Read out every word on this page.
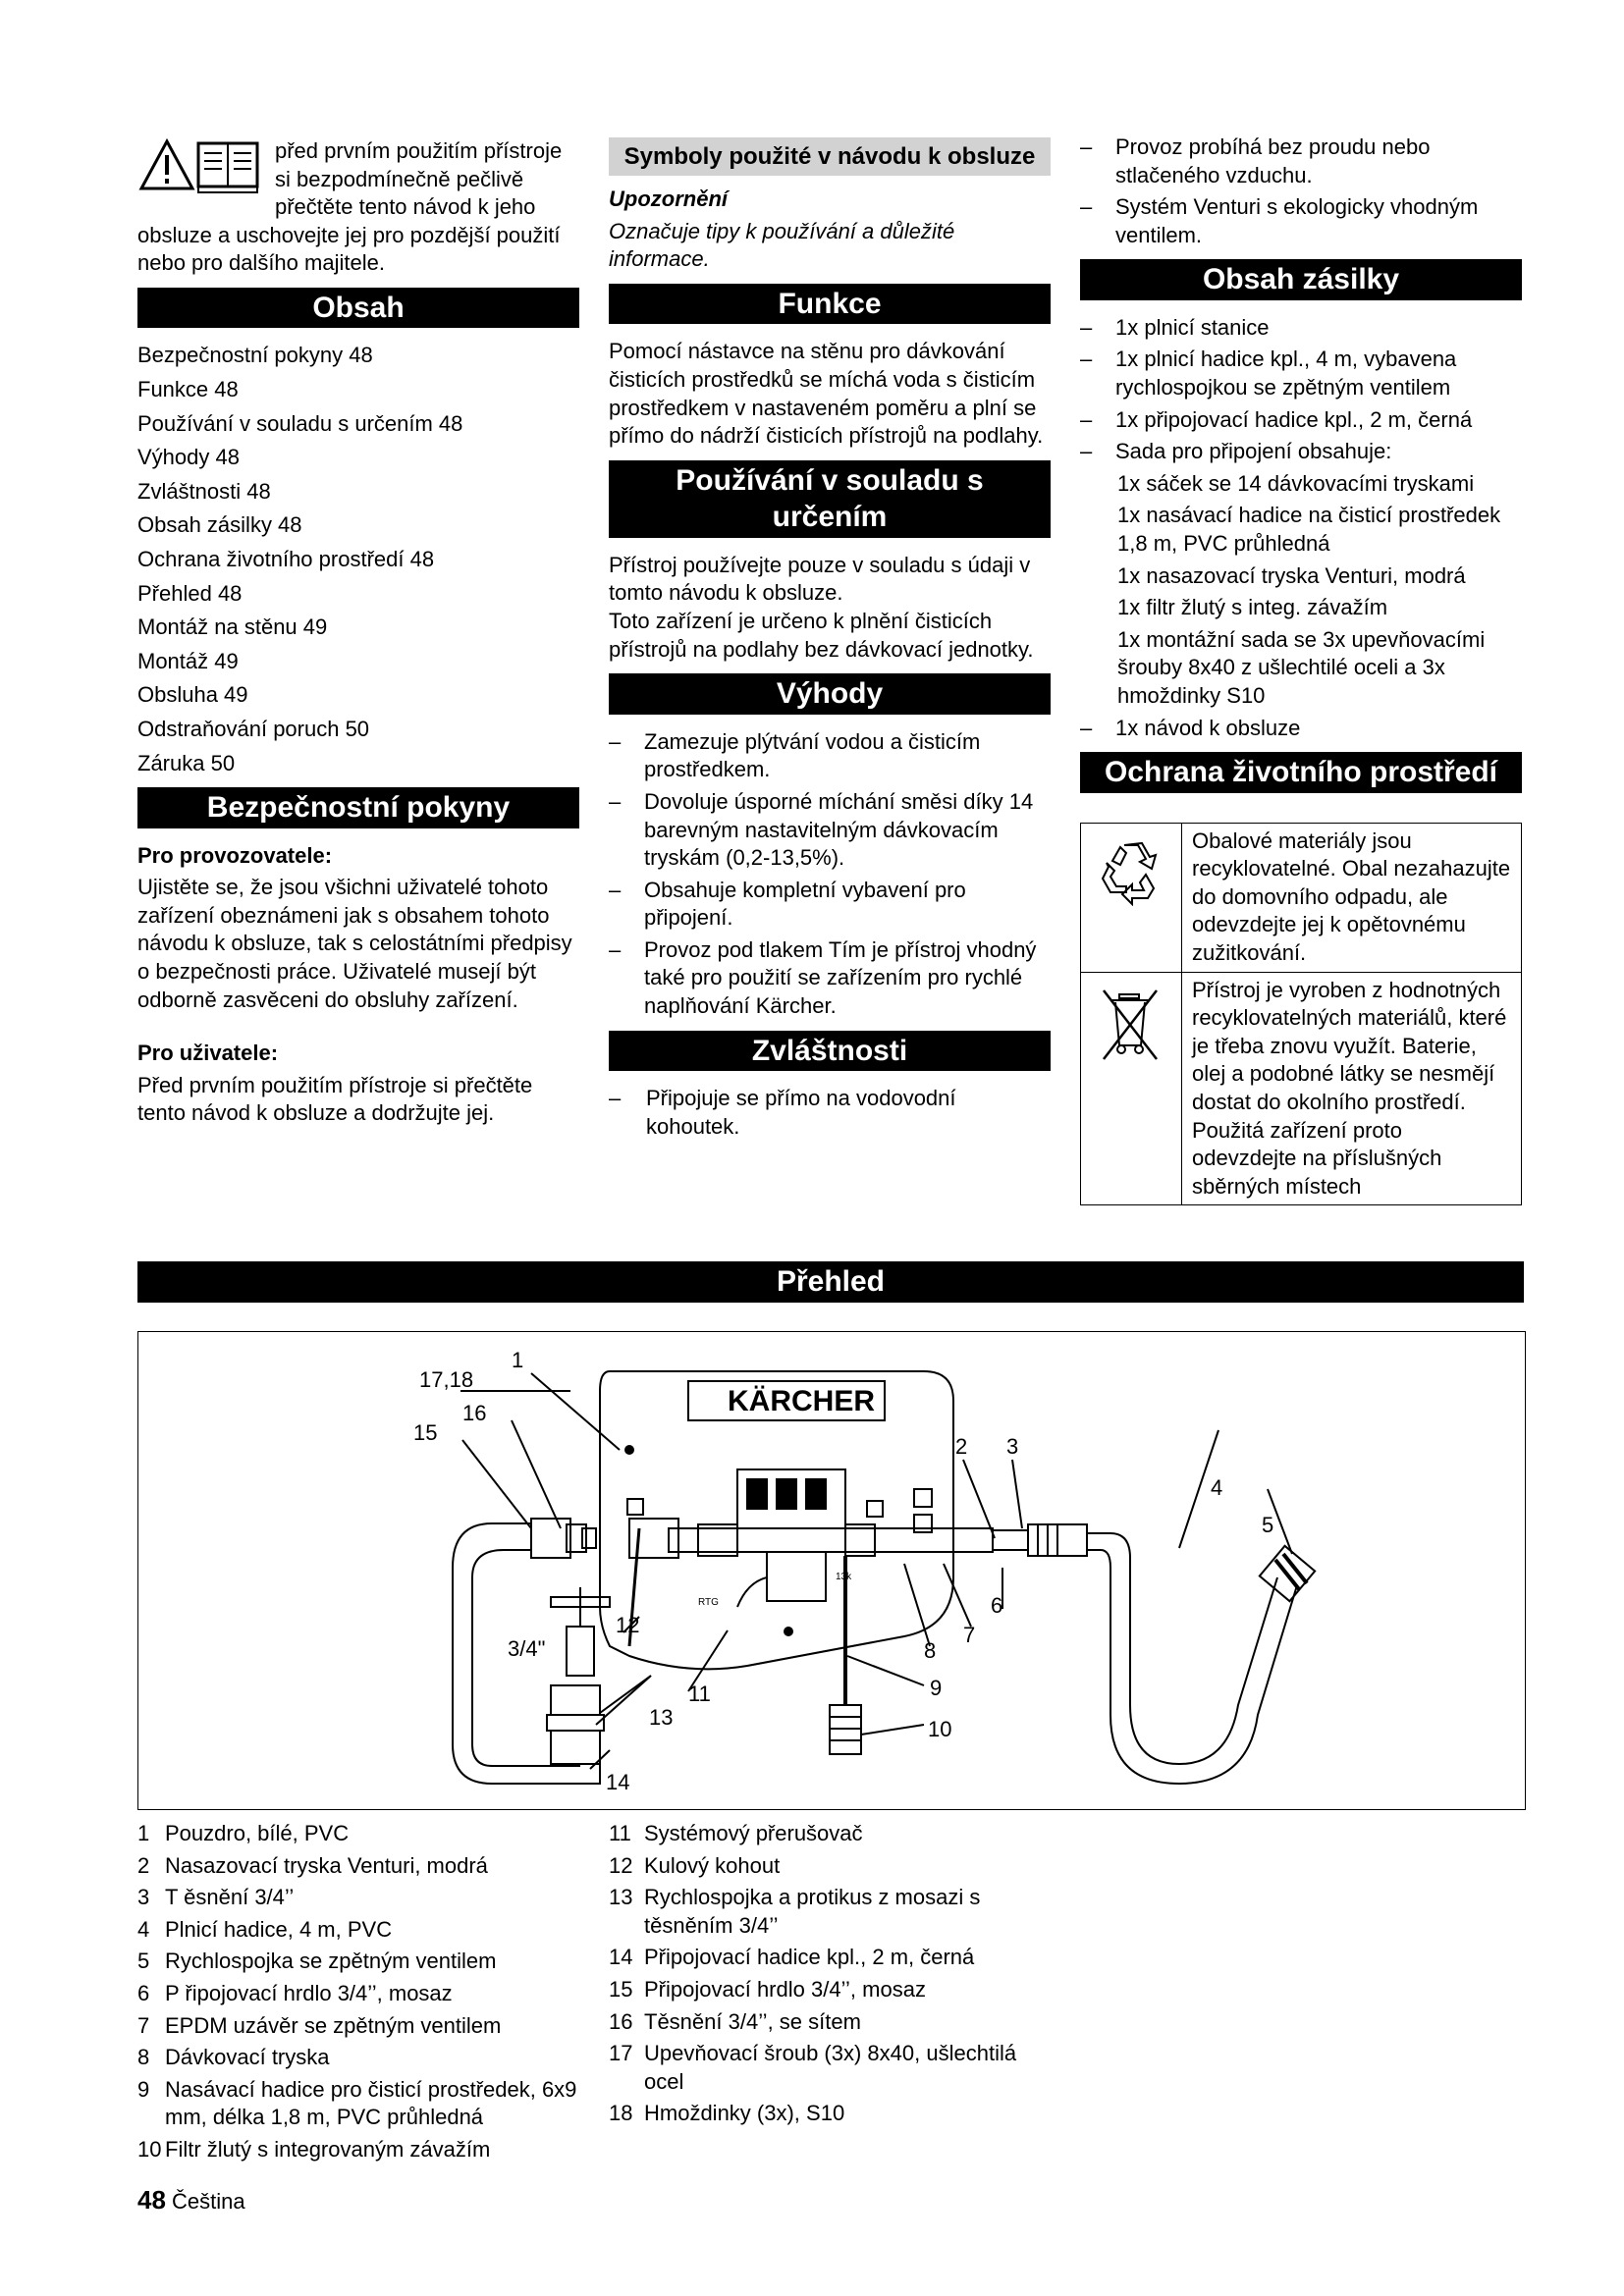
před prvním použitím přístroje si bezpodmínečně pečlivě přečtěte tento návod k jeho obsluze a uschovejte jej pro pozdější použití nebo pro dalšího majitele.
Obsah
Bezpečnostní pokyny 48
Funkce 48
Používání v souladu s určením 48
Výhody 48
Zvláštnosti 48
Obsah zásilky 48
Ochrana životního prostředí 48
Přehled 48
Montáž na stěnu 49
Montáž 49
Obsluha 49
Odstraňování poruch 50
Záruka 50
Bezpečnostní pokyny

Pro provozovatele:

Ujistěte se, že jsou všichni uživatelé tohoto zařízení obeznámeni jak s obsahem tohoto návodu k obsluze, tak s celostátními předpisy o bezpečnosti práce. Uživatelé musejí být odborně zasvěceni do obsluhy zařízení.

Pro uživatele:

Před prvním použitím přístroje si přečtěte tento návod k obsluze a dodržujte jej.

Symboly použité v návodu k obsluze

Upozornění

Označuje tipy k používání a důležité informace.

Funkce

Pomocí nástavce na stěnu pro dávkování čisticích prostředků se míchá voda s čisticím prostředkem v nastaveném poměru a plní se přímo do nádrží čisticích přístrojů na podlahy.

Používání v souladu s určením

Přístroj používejte pouze v souladu s údaji v tomto návodu k obsluze.

Toto zařízení je určeno k plnění čisticích přístrojů na podlahy bez dávkovací jednotky.

Výhody
– Zamezuje plýtvání vodou a čisticím prostředkem.
– Dovoluje úsporné míchání směsi díky 14 barevným nastavitelným dávkovacím tryskám (0,2-13,5%).
– Obsahuje kompletní vybavení pro připojení.
– Provoz pod tlakem Tím je přístroj vhodný také pro použití se zařízením pro rychlé naplňování Kärcher.
Zvláštnosti
– Připojuje se přímo na vodovodní kohoutek.
– Provoz probíhá bez proudu nebo stlačeného vzduchu.
– Systém Venturi s ekologicky vhodným ventilem.
Obsah zásilky
– 1x plnicí stanice
– 1x plnicí hadice kpl., 4 m, vybavena rychlospojkou se zpětným ventilem
– 1x připojovací hadice kpl., 2 m, černá
– Sada pro připojení obsahuje:
1x sáček se 14 dávkovacími tryskami
1x nasávací hadice na čisticí prostředek 1,8 m, PVC průhledná
1x nasazovací tryska Venturi, modrá
1x filtr žlutý s integ. závažím
1x montážní sada se 3x upevňovacími šrouby 8x40 z ušlechtilé oceli a 3x hmoždinky S10
– 1x návod k obsluze
Ochrana životního prostředí
Obalové materiály jsou recyklovatelné. Obal nezahazujte do domovního odpadu, ale odevzdejte jej k opětovnému zužitkování.
Přístroj je vyroben z hodnotných recyklovatelných materiálů, které je třeba znovu využít. Baterie, olej a podobné látky se nesmějí dostat do okolního prostředí. Použitá zařízení proto odevzdejte na příslušných sběrných místech
Přehled
KÄRCHER
13k
RTG
1
17,18
16
15
2 3
4
5
6
7
8
9
10
11
12
13
14
3/4"
1 Pouzdro, bílé, PVC
2 Nasazovací tryska Venturi, modrá
3 T ěsnění 3/4’’
4 Plnicí hadice, 4 m, PVC
5 Rychlospojka se zpětným ventilem
6 P řipojovací hrdlo 3/4’’, mosaz
7 EPDM uzávěr se zpětným ventilem
8 Dávkovací tryska
9 Nasávací hadice pro čisticí prostředek, 6x9 mm, délka 1,8 m, PVC průhledná
10 Filtr žlutý s integrovaným závažím
11 Systémový přerušovač
12 Kulový kohout
13 Rychlospojka a protikus z mosazi s těsněním 3/4’’
14 Připojovací hadice kpl., 2 m, černá
15 Připojovací hrdlo 3/4’’, mosaz
16 Těsnění 3/4’’, se sítem
17 Upevňovací šroub (3x) 8x40, ušlechtilá ocel
18 Hmoždinky (3x), S10
48 Čeština
